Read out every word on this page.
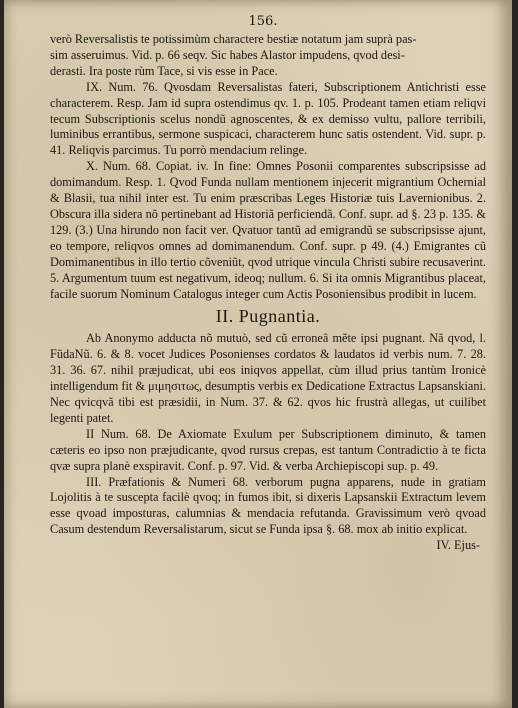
156.

verò Reversalistis te potissimùm charactere bestiæ notatum jam suprà pas-

sim asseruimus. Vid. p. 66 seqv. Sic habes Alastor impudens, qvod desi-

derasti. Ira poste rùm Tace, si vis esse in Pace.

IX. Num. 76. Qvosdam Reversalistas fateri, Subscriptionem Antichristi esse characterem. Resp. Jam id supra ostendimus qv. 1. p. 105. Prodeant tamen etiam reliqvi tecum Subscriptionis scelus nondũ agnoscentes, & ex demisso vultu, pallore terribili, luminibus errantibus, sermone suspicaci, characterem hunc satis ostendent. Vid. supr. p. 41. Reliqvis parcimus. Tu porrò mendacium relinge.

X. Num. 68. Copiat. iv. In fine: Omnes Posonii comparentes subscripsisse ad domimandum. Resp. 1. Qvod Funda nullam mentionem injecerit migrantium Ochernial & Blasii, tua nihil inter est. Tu enim præscribas Leges Historiæ tuis Lavernionibus. 2. Obscura illa sidera nõ pertinebant ad Historiã perficiendã. Conf. supr. ad §. 23 p. 135. & 129. (3.) Una hirundo non facit ver. Qvatuor tantũ ad emigrandũ se subscripsisse ajunt, eo tempore, reliqvos omnes ad domimanendum. Conf. supr. p 49. (4.) Emigrantes cũ Domimanentibus in illo tertio cõveniũt, qvod utrique vincula Christi subire recusaverint. 5. Argumentum tuum est negativum, ideoq; nullum. 6. Si ita omnis Migrantibus placeat, facile suorum Nominum Catalogus integer cum Actis Posoniensibus prodibit in lucem.

II. Pugnantia.

Ab Anonymo adducta nõ mutuò, sed cũ erroneâ mẽte ipsi pugnant. Nã qvod, l. FũdaNũ. 6. & 8. vocet Judices Posonienses cordatos & laudatos id verbis num. 7. 28. 31. 36. 67. nihil præjudicat, ubi eos iniqvos appellat, cùm illud prius tantùm Ironicè intelligendum fit & μιμησιτως, desumptis verbis ex Dedicatione Extractus Lapsanskiani. Nec qvicqvã tibi est præsidii, in Num. 37. & 62. qvos hic frustrà allegas, ut cuilibet legenti patet.

II Num. 68. De Axiomate Exulum per Subscriptionem diminuto, & tamen cæteris eo ipso non præjudicante, qvod rursus crepas, est tantum Contradictio à te ficta qvæ supra planè exspiravit. Conf. p. 97. Vid. & verba Archiepiscopi sup. p. 49.

III. Præfationis & Numeri 68. verborum pugna apparens, nude in gratiam Lojolitis à te suscepta facilè qvoq; in fumos ibit, si dixeris Lapsanskii Extractum levem esse qvoad imposturas, calumnias & mendacia refutanda. Gravissimum verò qvoad Casum destendum Reversalistarum, sicut se Funda ipsa §. 68. mox ab initio explicat.

IV. Ejus-
